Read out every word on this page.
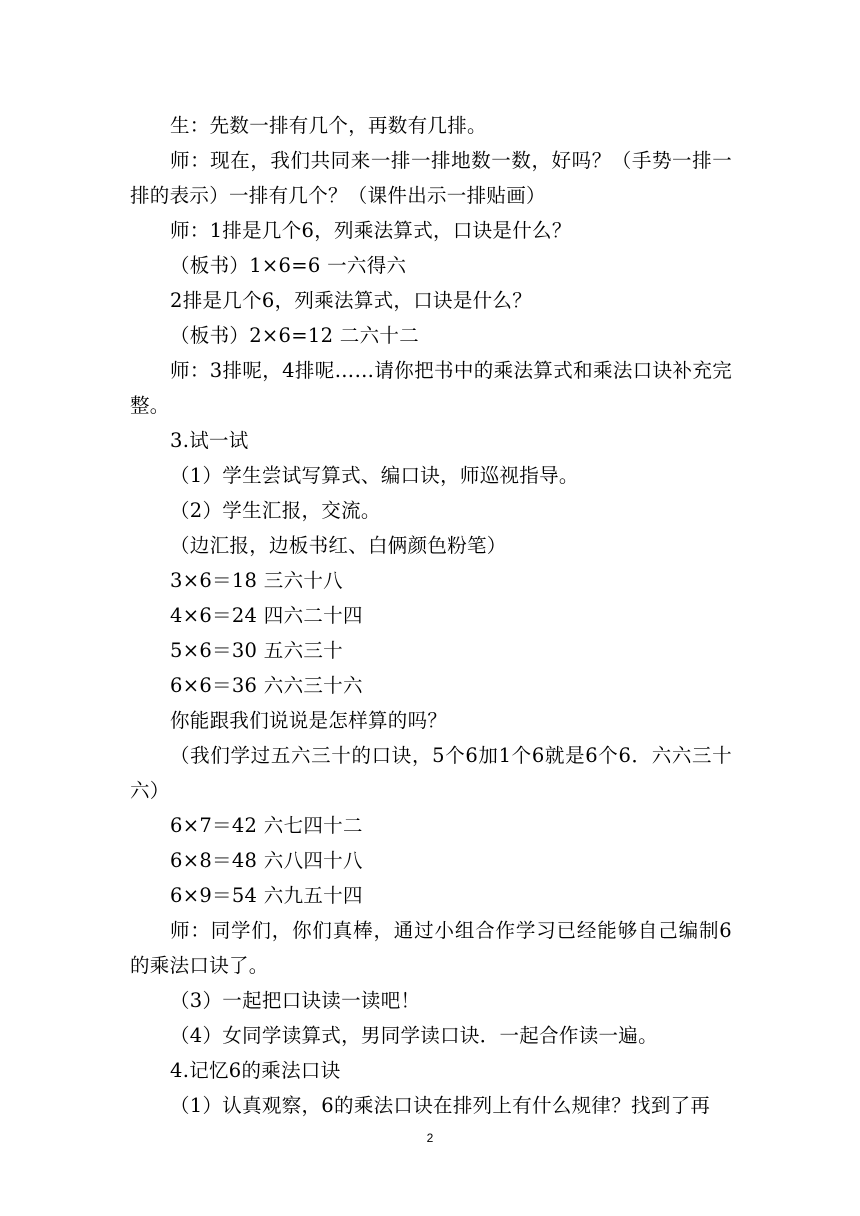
生：先数一排有几个，再数有几排。

师：现在，我们共同来一排一排地数一数，好吗？（手势一排一排的表示）一排有几个？（课件出示一排贴画）

师：1排是几个6，列乘法算式，口诀是什么？

（板书）1×6=6 一六得六

2排是几个6，列乘法算式，口诀是什么？

（板书）2×6=12 二六十二

师：3排呢，4排呢……请你把书中的乘法算式和乘法口诀补充完整。

3.试一试

（1）学生尝试写算式、编口诀，师巡视指导。

（2）学生汇报，交流。

（边汇报，边板书红、白俩颜色粉笔）

3×6＝18 三六十八

4×6＝24 四六二十四

5×6＝30 五六三十

6×6＝36 六六三十六

你能跟我们说说是怎样算的吗？

（我们学过五六三十的口诀，5个6加1个6就是6个6．六六三十六）

6×7＝42 六七四十二

6×8＝48 六八四十八

6×9＝54 六九五十四

师：同学们，你们真棒，通过小组合作学习已经能够自己编制6的乘法口诀了。

（3）一起把口诀读一读吧！

（4）女同学读算式，男同学读口诀．一起合作读一遍。

4.记忆6的乘法口诀

（1）认真观察，6的乘法口诀在排列上有什么规律？找到了再

2
